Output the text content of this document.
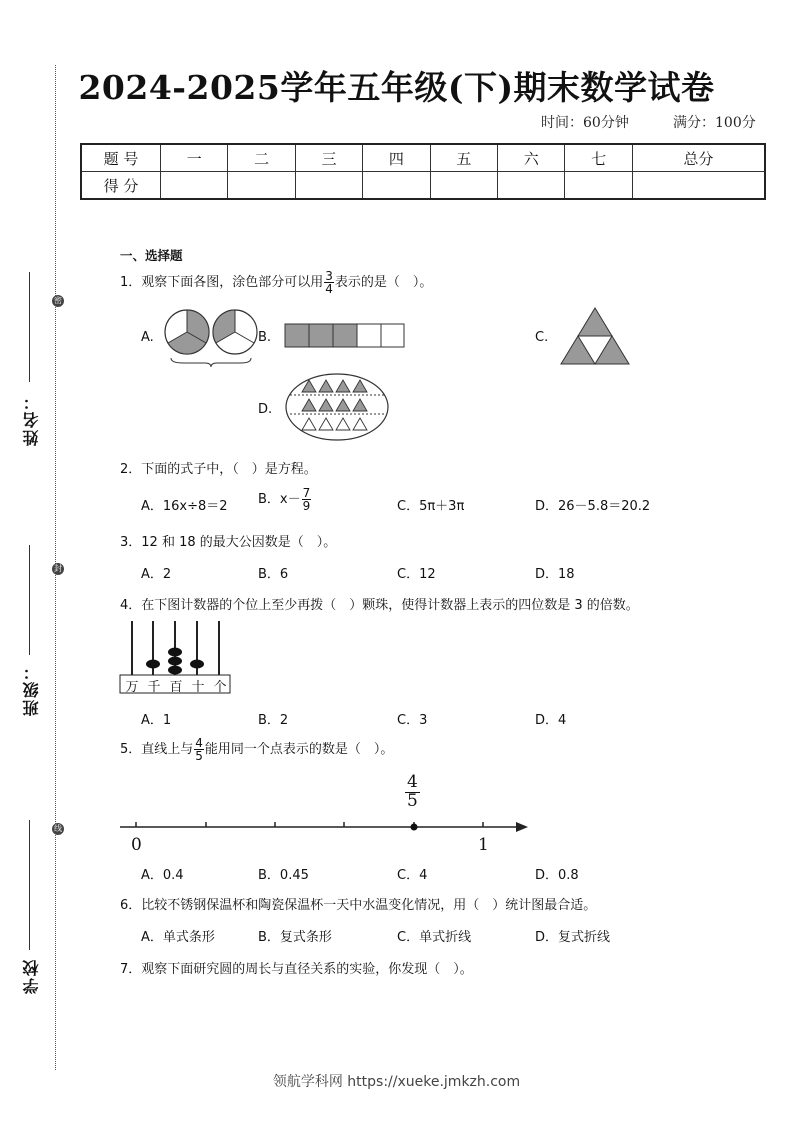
姓名：
班级：
学校
密
封
线
2024-2025学年五年级(下)期末数学试卷
时间：60分钟	满分：100分
题 号	一	二	三	四	五	六	七	总分
得 分								
一、选择题
1．观察下面各图，涂色部分可以用 $\frac{3}{4}$ 表示的是（　）。
A.	B.	C.
D.
2．下面的式子中，（　）是方程。
A．16x÷8＝2 B．$x- \frac{7}{9}$	C．5π＋3π	D．26－5.8＝20.2
3．12 和 18 的最大公因数是（　）。
A．2	B．6	C．12	D．18
4．在下图计数器的个位上至少再拨（　）颗珠，使得计数器上表示的四位数是 3 的倍数。
万 千 百 十 个
A．1	B．2	C．3	D．4
5．直线上与 $\frac{4}{5}$ 能用同一个点表示的数是（　）。
$\frac{4}{5}$
0	1
A．0.4	B．0.45	C．4	D．0.8
6．比较不锈钢保温杯和陶瓷保温杯一天中水温变化情况，用（　）统计图最合适。
A．单式条形	B．复式条形	C．单式折线	D．复式折线
7．观察下面研究圆的周长与直径关系的实验，你发现（　）。
领航学科网 https://xueke.jmkzh.com
